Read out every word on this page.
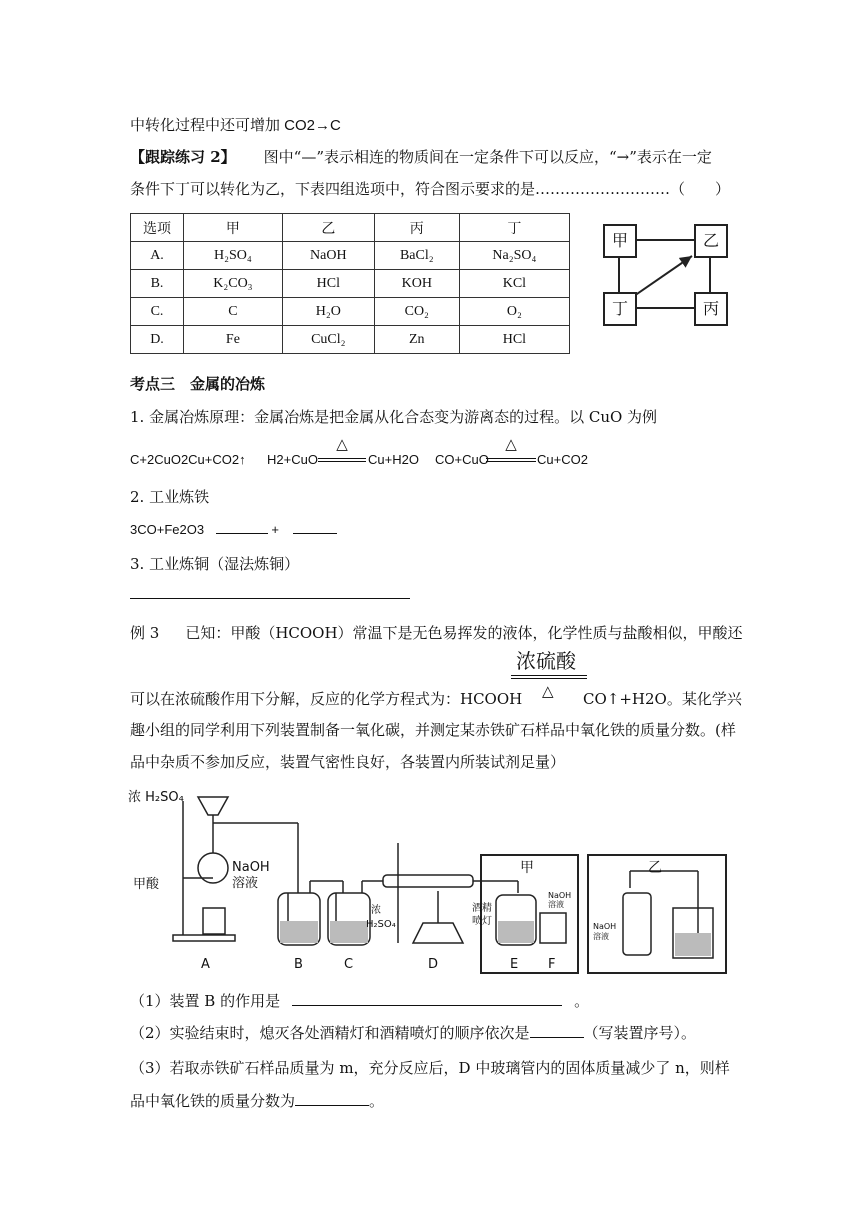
中转化过程中还可增加 CO2→C
【跟踪练习 2】 图中“—”表示相连的物质间在一定条件下可以反应，“→”表示在一定
条件下丁可以转化为乙，下表四组选项中，符合图示要求的是………………………（　　）
选项	甲	乙	丙	丁
A.	H₂SO₄	NaOH	BaCl₂	Na₂SO₄
B.	K₂CO₃	HCl	KOH	KCl
C.	C	H₂O	CO₂	O₂
D.	Fe	CuCl₂	Zn	HCl
甲	乙
丁	丙
考点三　金属的冶炼
1. 金属冶炼原理：金属冶炼是把金属从化合态变为游离态的过程。以 CuO 为例
C+2CuO2Cu+CO2↑ H2+CuO
△
Cu+H2O CO+CuO
△
Cu+CO2
2. 工业炼铁
3CO+Fe2O3	+
3. 工业炼铜（湿法炼铜）
例 3 已知：甲酸（HCOOH）常温下是无色易挥发的液体，化学性质与盐酸相似，甲酸还
浓硫酸
可以在浓硫酸作用下分解，反应的化学方程式为：HCOOH △ CO↑+H2O。某化学兴
趣小组的同学利用下列装置制备一氧化碳，并测定某赤铁矿石样品中氧化铁的质量分数。(样
品中杂质不参加反应，装置气密性良好，各装置内所装试剂足量）
浓 H₂SO₄
甲酸
NaOH
溶液
浓
H₂SO₄
酒精
喷灯
A	B	C	D	E F
甲
NaOH
溶液
乙
NaOH
溶液
（1）装置 B 的作用是	。
（2）实验结束时，熄灭各处酒精灯和酒精喷灯的顺序依次是	（写装置序号）。
（3）若取赤铁矿石样品质量为 m，充分反应后，D 中玻璃管内的固体质量减少了 n，则样
品中氧化铁的质量分数为	。
